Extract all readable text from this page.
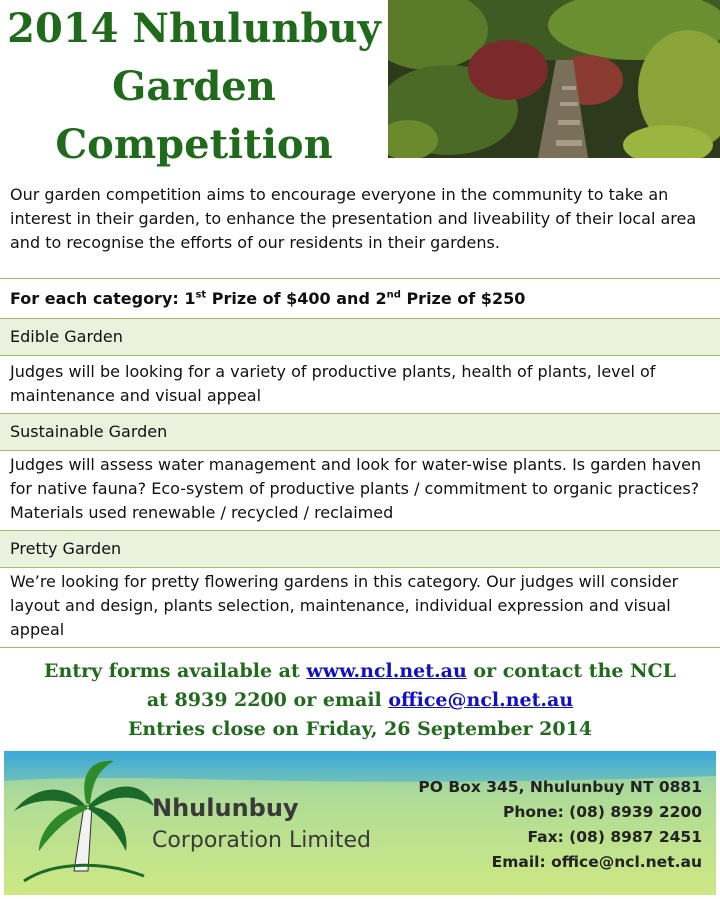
2014 Nhulunbuy
Garden
Competition
Our garden competition aims to encourage everyone in the community to take an interest in their garden, to enhance the presentation and liveability of their local area and to recognise the efforts of our residents in their gardens.
For each category: 1st Prize of $400 and 2nd Prize of $250
Edible Garden
Judges will be looking for a variety of productive plants, health of plants, level of maintenance and visual appeal
Sustainable Garden
Judges will assess water management and look for water-wise plants. Is garden haven for native fauna? Eco-system of productive plants / commitment to organic practices? Materials used renewable / recycled / reclaimed
Pretty Garden
We’re looking for pretty flowering gardens in this category. Our judges will consider layout and design, plants selection, maintenance, individual expression and visual appeal
Entry forms available at www.ncl.net.au or contact the NCL
at 8939 2200 or email office@ncl.net.au
Entries close on Friday, 26 September 2014
Nhulunbuy
Corporation Limited
PO Box 345, Nhulunbuy NT 0881
Phone: (08) 8939 2200
Fax: (08) 8987 2451
Email: office@ncl.net.au
